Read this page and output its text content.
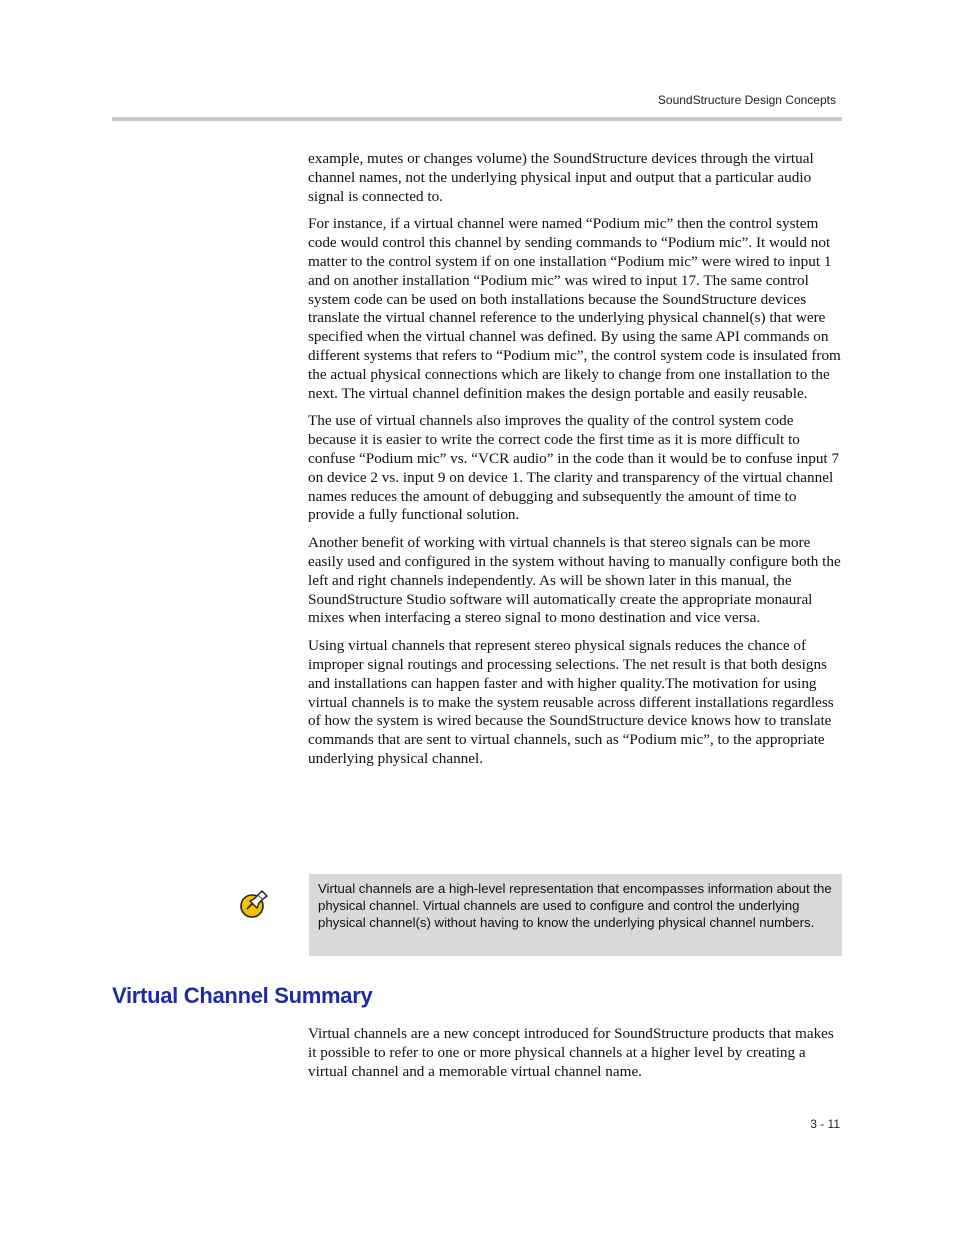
SoundStructure Design Concepts

example, mutes or changes volume) the SoundStructure devices through the virtual channel names, not the underlying physical input and output that a particular audio signal is connected to.

For instance, if a virtual channel were named “Podium mic” then the control system code would control this channel by sending commands to “Podium mic”. It would not matter to the control system if on one installation “Podium mic” were wired to input 1 and on another installation “Podium mic” was wired to input 17. The same control system code can be used on both installations because the SoundStructure devices translate the virtual channel reference to the underlying physical channel(s) that were specified when the virtual channel was defined. By using the same API commands on different systems that refers to “Podium mic”, the control system code is insulated from the actual physical connections which are likely to change from one installation to the next. The virtual channel definition makes the design portable and easily reusable.

The use of virtual channels also improves the quality of the control system code because it is easier to write the correct code the first time as it is more difficult to confuse “Podium mic” vs. “VCR audio” in the code than it would be to confuse input 7 on device 2 vs. input 9 on device 1. The clarity and transparency of the virtual channel names reduces the amount of debugging and subsequently the amount of time to provide a fully functional solution.

Another benefit of working with virtual channels is that stereo signals can be more easily used and configured in the system without having to manually configure both the left and right channels independently. As will be shown later in this manual, the SoundStructure Studio software will automatically create the appropriate monaural mixes when interfacing a stereo signal to mono destination and vice versa.

Using virtual channels that represent stereo physical signals reduces the chance of improper signal routings and processing selections. The net result is that both designs and installations can happen faster and with higher quality.The motivation for using virtual channels is to make the system reusable across different installations regardless of how the system is wired because the SoundStructure device knows how to translate commands that are sent to virtual channels, such as “Podium mic”, to the appropriate underlying physical channel.

Virtual channels are a high-level representation that encompasses information about the physical channel. Virtual channels are used to configure and control the underlying physical channel(s) without having to know the underlying physical channel numbers.
Virtual Channel Summary

Virtual channels are a new concept introduced for SoundStructure products that makes it possible to refer to one or more physical channels at a higher level by creating a virtual channel and a memorable virtual channel name.

3 - 11
